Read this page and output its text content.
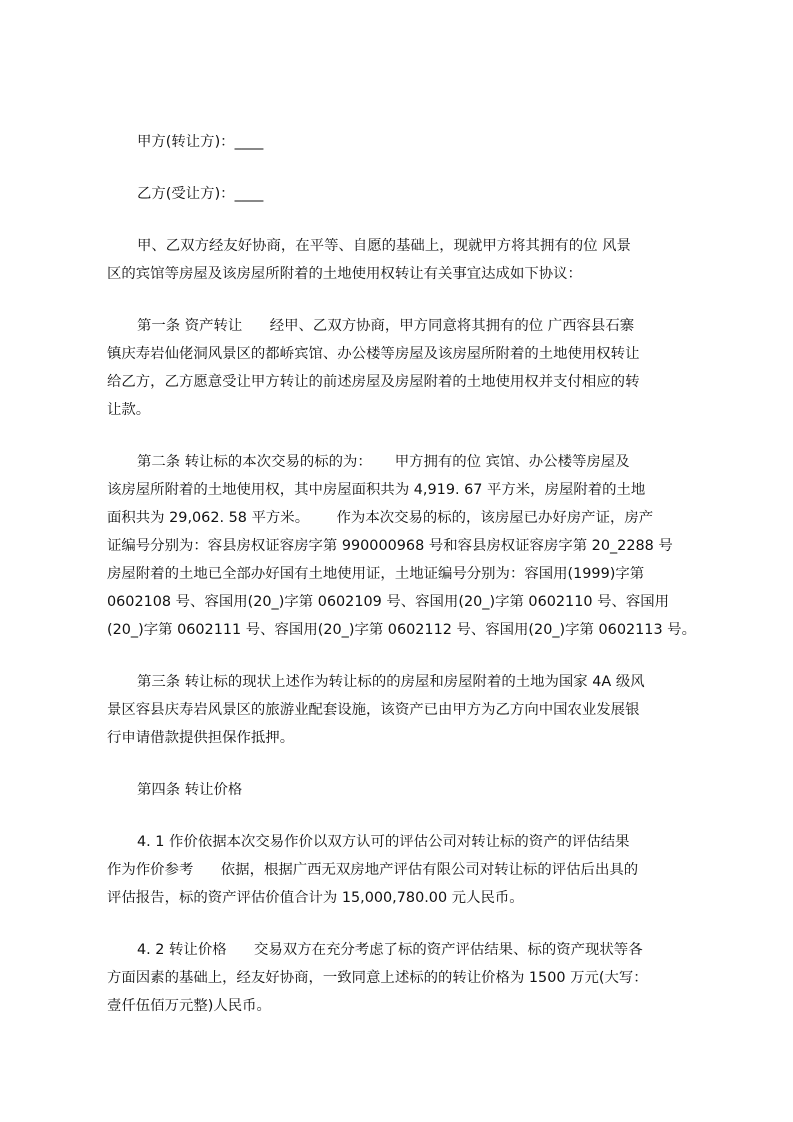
甲方(转让方)：____
乙方(受让方)：____
甲、乙双方经友好协商，在平等、自愿的基础上，现就甲方将其拥有的位 风景
区的宾馆等房屋及该房屋所附着的土地使用权转让有关事宜达成如下协议：
第一条 资产转让      经甲、乙双方协商，甲方同意将其拥有的位 广西容县石寨
镇庆寿岩仙佬洞风景区的都峤宾馆、办公楼等房屋及该房屋所附着的土地使用权转让
给乙方，乙方愿意受让甲方转让的前述房屋及房屋附着的土地使用权并支付相应的转
让款。
第二条 转让标的本次交易的标的为：     甲方拥有的位 宾馆、办公楼等房屋及
该房屋所附着的土地使用权，其中房屋面积共为 4,919. 67 平方米，房屋附着的土地
面积共为 29,062. 58 平方米。      作为本次交易的标的，该房屋已办好房产证，房产
证编号分别为：容县房权证容房字第 990000968 号和容县房权证容房字第 20_2288 号
房屋附着的土地已全部办好国有土地使用证，土地证编号分别为：容国用(1999)字第
0602108 号、容国用(20_)字第 0602109 号、容国用(20_)字第 0602110 号、容国用
(20_)字第 0602111 号、容国用(20_)字第 0602112 号、容国用(20_)字第 0602113 号。
第三条 转让标的现状上述作为转让标的的房屋和房屋附着的土地为国家 4A 级风
景区容县庆寿岩风景区的旅游业配套设施，该资产已由甲方为乙方向中国农业发展银
行申请借款提供担保作抵押。
第四条 转让价格
4. 1 作价依据本次交易作价以双方认可的评估公司对转让标的资产的评估结果
作为作价参考      依据，根据广西无双房地产评估有限公司对转让标的评估后出具的
评估报告，标的资产评估价值合计为 15,000,780.00 元人民币。
4. 2 转让价格      交易双方在充分考虑了标的资产评估结果、标的资产现状等各
方面因素的基础上，经友好协商，一致同意上述标的的转让价格为 1500 万元(大写：
壹仟伍佰万元整)人民币。
